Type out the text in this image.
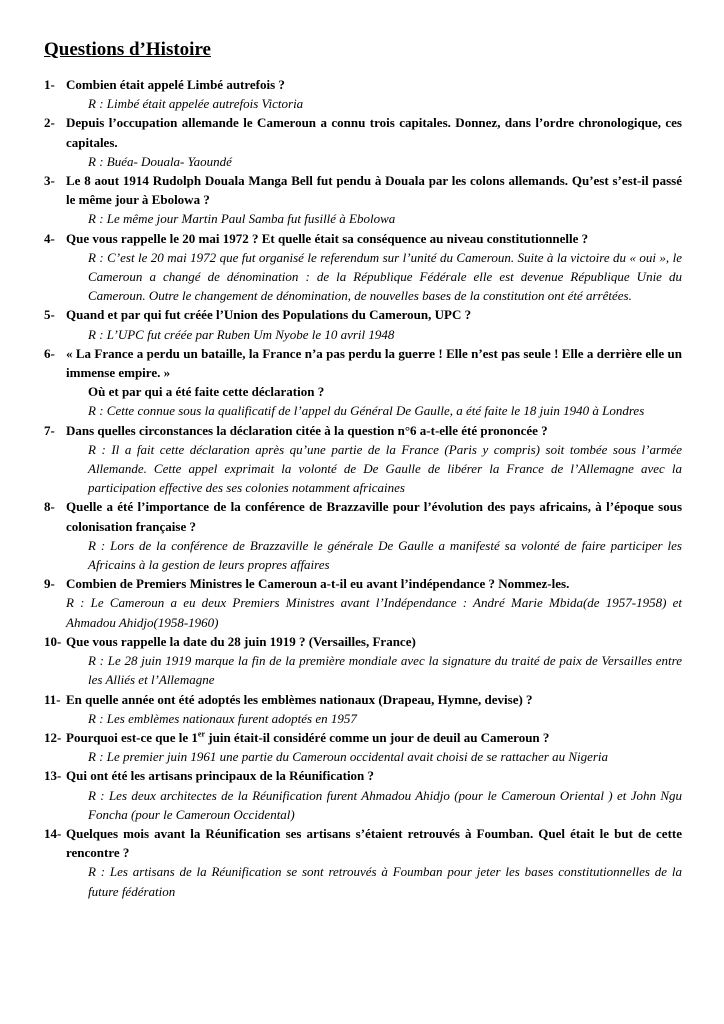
Questions d’Histoire
1- Combien était appelé Limbé autrefois ?

R : Limbé était appelée autrefois Victoria

2- Depuis l’occupation allemande le Cameroun a connu trois capitales. Donnez, dans l’ordre chronologique, ces capitales.

R : Buéa- Douala- Yaoundé

3- Le 8 aout 1914 Rudolph Douala Manga Bell fut pendu à Douala par les colons allemands. Qu’est s’est-il passé le même jour à Ebolowa ?

R : Le même jour Martin Paul Samba fut fusillé à Ebolowa

4- Que vous rappelle le 20 mai 1972 ? Et quelle était sa conséquence au niveau constitutionnelle ?

R : C’est le 20 mai 1972 que fut organisé le referendum sur l’unité du Cameroun. Suite à la victoire du « oui », le Cameroun a changé de dénomination : de la République Fédérale elle est devenue République Unie du Cameroun. Outre le changement de dénomination, de nouvelles bases de la constitution ont été arrêtées.

5- Quand et par qui fut créée l’Union des Populations du Cameroun, UPC ?

R : L’UPC fut créée par Ruben Um Nyobe le 10 avril 1948

6- « La France a perdu un bataille, la France n’a pas perdu la guerre ! Elle n’est pas seule ! Elle a derrière elle un immense empire. »

Où et par qui a été faite cette déclaration ?

R : Cette connue sous la qualificatif de l’appel du Général De Gaulle, a été faite le 18 juin 1940 à Londres

7- Dans quelles circonstances la déclaration citée à la question n°6 a-t-elle été prononcée ?

R : Il a fait cette déclaration après qu’une partie de la France (Paris y compris) soit tombée sous l’armée Allemande. Cette appel exprimait la volonté de De Gaulle de libérer la France de l’Allemagne avec la participation effective des ses colonies notamment africaines

8- Quelle a été l’importance de la conférence de Brazzaville pour l’évolution des pays africains, à l’époque sous colonisation française ?

R : Lors de la conférence de Brazzaville le générale De Gaulle a manifesté sa volonté de faire participer les Africains à la gestion de leurs propres affaires

9- Combien de Premiers Ministres le Cameroun a-t-il eu avant l’indépendance ? Nommez-les.

R : Le Cameroun a eu deux Premiers Ministres avant l’Indépendance : André Marie Mbida(de 1957-1958) et Ahmadou Ahidjo(1958-1960)

10- Que vous rappelle la date du 28 juin 1919 ? (Versailles, France)

R : Le 28 juin 1919 marque la fin de la première mondiale avec la signature du traité de paix de Versailles entre les Alliés et l’Allemagne

11- En quelle année ont été adoptés les emblèmes nationaux (Drapeau, Hymne, devise) ?

R : Les emblèmes nationaux furent adoptés en 1957

12- Pourquoi est-ce que le 1er juin était-il considéré comme un jour de deuil au Cameroun ?

R : Le premier juin 1961 une partie du Cameroun occidental avait choisi de se rattacher au Nigeria

13- Qui ont été les artisans principaux de la Réunification ?

R : Les deux architectes de la Réunification furent Ahmadou Ahidjo (pour le Cameroun Oriental ) et John Ngu Foncha (pour le Cameroun Occidental)

14- Quelques mois avant la Réunification ses artisans s’étaient retrouvés à Foumban. Quel était le but de cette rencontre ?

R : Les artisans de la Réunification se sont retrouvés à Foumban pour jeter les bases constitutionnelles de la future fédération
